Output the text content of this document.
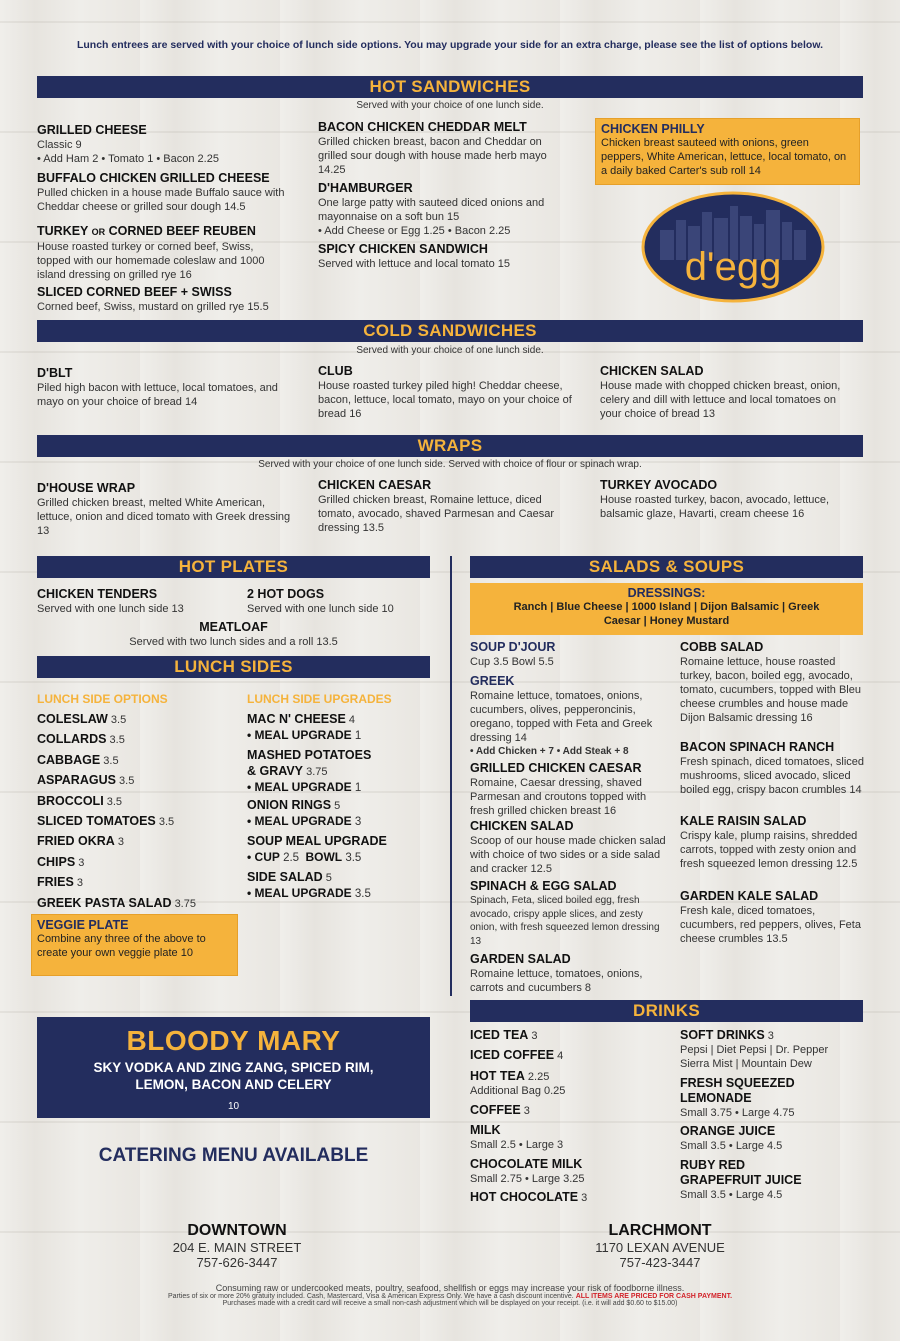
Lunch entrees are served with your choice of lunch side options. You may upgrade your side for an extra charge, please see the list of options below.
HOT SANDWICHES
Served with your choice of one lunch side.
GRILLED CHEESE
Classic 9
• Add Ham 2 • Tomato 1 • Bacon 2.25
BUFFALO CHICKEN GRILLED CHEESE
Pulled chicken in a house made Buffalo sauce with Cheddar cheese or grilled sour dough 14.5
TURKEY OR CORNED BEEF REUBEN
House roasted turkey or corned beef, Swiss, topped with our homemade coleslaw and 1000 island dressing on grilled rye 16
SLICED CORNED BEEF + SWISS
Corned beef, Swiss, mustard on grilled rye 15.5
BACON CHICKEN CHEDDAR MELT
Grilled chicken breast, bacon and Cheddar on grilled sour dough with house made herb mayo 14.25
D'HAMBURGER
One large patty with sauteed diced onions and mayonnaise on a soft bun 15
• Add Cheese or Egg 1.25 • Bacon 2.25
SPICY CHICKEN SANDWICH
Served with lettuce and local tomato 15
CHICKEN PHILLY
Chicken breast sauteed with onions, green peppers, White American, lettuce, local tomato, on a daily baked Carter's sub roll 14
d'egg
COLD SANDWICHES
Served with your choice of one lunch side.
D'BLT
Piled high bacon with lettuce, local tomatoes, and mayo on your choice of bread 14
CLUB
House roasted turkey piled high! Cheddar cheese, bacon, lettuce, local tomato, mayo on your choice of bread 16
CHICKEN SALAD
House made with chopped chicken breast, onion, celery and dill with lettuce and local tomatoes on your choice of bread 13
WRAPS
Served with your choice of one lunch side. Served with choice of flour or spinach wrap.
D'HOUSE WRAP
Grilled chicken breast, melted White American, lettuce, onion and diced tomato with Greek dressing 13
CHICKEN CAESAR
Grilled chicken breast, Romaine lettuce, diced tomato, avocado, shaved Parmesan and Caesar dressing 13.5
TURKEY AVOCADO
House roasted turkey, bacon, avocado, lettuce, balsamic glaze, Havarti, cream cheese 16
HOT PLATES
CHICKEN TENDERS
Served with one lunch side 13
2 HOT DOGS
Served with one lunch side 10
MEATLOAF
Served with two lunch sides and a roll 13.5
LUNCH SIDES
LUNCH SIDE OPTIONS	LUNCH SIDE UPGRADES
COLESLAW 3.5
COLLARDS 3.5
CABBAGE 3.5
ASPARAGUS 3.5
BROCCOLI 3.5
SLICED TOMATOES 3.5
FRIED OKRA 3
CHIPS 3
FRIES 3
GREEK PASTA SALAD 3.75
MAC N' CHEESE 4
• MEAL UPGRADE 1
MASHED POTATOES
& GRAVY 3.75
• MEAL UPGRADE 1
ONION RINGS 5
• MEAL UPGRADE 3
SOUP MEAL UPGRADE
• CUP 2.5 BOWL 3.5
SIDE SALAD 5
• MEAL UPGRADE 3.5
VEGGIE PLATE
Combine any three of the above to create your own veggie plate 10
BLOODY MARY
SKY VODKA AND ZING ZANG, SPICED RIM, LEMON, BACON AND CELERY
10
CATERING MENU AVAILABLE
SALADS & SOUPS
DRESSINGS:
Ranch | Blue Cheese | 1000 Island | Dijon Balsamic | Greek Caesar | Honey Mustard
SOUP D'JOUR
Cup 3.5 Bowl 5.5
GREEK
Romaine lettuce, tomatoes, onions, cucumbers, olives, pepperoncinis, oregano, topped with Feta and Greek dressing 14
• Add Chicken + 7 • Add Steak + 8
GRILLED CHICKEN CAESAR
Romaine, Caesar dressing, shaved Parmesan and croutons topped with fresh grilled chicken breast 16
CHICKEN SALAD
Scoop of our house made chicken salad with choice of two sides or a side salad and cracker 12.5
SPINACH & EGG SALAD
Spinach, Feta, sliced boiled egg, fresh avocado, crispy apple slices, and zesty onion, with fresh squeezed lemon dressing 13
GARDEN SALAD
Romaine lettuce, tomatoes, onions, carrots and cucumbers 8
COBB SALAD
Romaine lettuce, house roasted turkey, bacon, boiled egg, avocado, tomato, cucumbers, topped with Bleu cheese crumbles and house made Dijon Balsamic dressing 16
BACON SPINACH RANCH
Fresh spinach, diced tomatoes, sliced mushrooms, sliced avocado, sliced boiled egg, crispy bacon crumbles 14
KALE RAISIN SALAD
Crispy kale, plump raisins, shredded carrots, topped with zesty onion and fresh squeezed lemon dressing 12.5
GARDEN KALE SALAD
Fresh kale, diced tomatoes, cucumbers, red peppers, olives, Feta cheese crumbles 13.5
DRINKS
ICED TEA 3
ICED COFFEE 4
HOT TEA 2.25
Additional Bag 0.25
COFFEE 3
MILK
Small 2.5 • Large 3
CHOCOLATE MILK
Small 2.75 • Large 3.25
HOT CHOCOLATE 3
SOFT DRINKS 3
Pepsi | Diet Pepsi | Dr. Pepper Sierra Mist | Mountain Dew
FRESH SQUEEZED
LEMONADE
Small 3.75 • Large 4.75
ORANGE JUICE
Small 3.5 • Large 4.5
RUBY RED
GRAPEFRUIT JUICE
Small 3.5 • Large 4.5
DOWNTOWN
204 E. MAIN STREET
757-626-3447
LARCHMONT
1170 LEXAN AVENUE
757-423-3447
Consuming raw or undercooked meats, poultry, seafood, shellfish or eggs may increase your risk of foodborne illness.
Parties of six or more 20% gratuity included. Cash, Mastercard, Visa & American Express Only. We have a cash discount incentive. ALL ITEMS ARE PRICED FOR CASH PAYMENT.
Purchases made with a credit card will receive a small non-cash adjustment which will be displayed on your receipt. (i.e. it will add $0.60 to $15.00)
